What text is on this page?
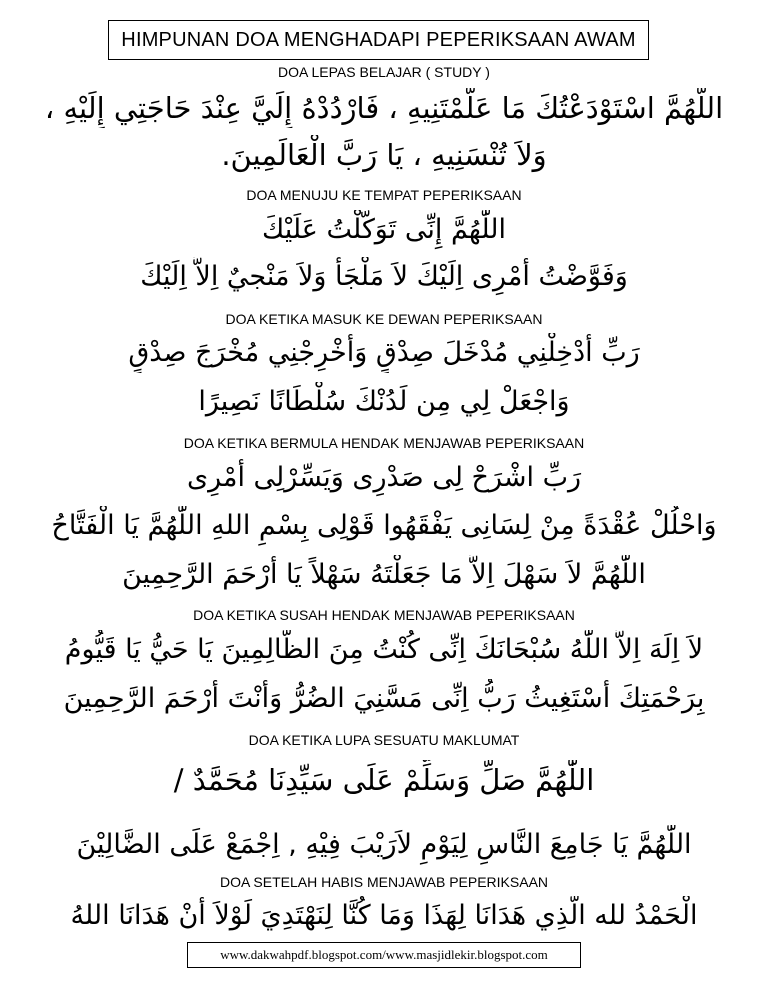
HIMPUNAN DOA MENGHADAPI PEPERIKSAAN AWAM
DOA LEPAS BELAJAR ( STUDY )
اللَّهُمَّ اسْتَوْدَعْتُكَ مَا عَلَّمْتَنِيهِ ، فَارْدُدْهُ إِلَيَّ عِنْدَ حَاجَتِي إِلَيْهِ ،
وَلاَ تُنْسَنِيهِ ، يَا رَبَّ الْعَالَمِينَ.
DOA MENUJU KE TEMPAT PEPERIKSAAN
اللّٰهُمَّ إِنِّى تَوَكَّلْتُ عَلَيْكَ
وَفَوَّضْتُ أَمْرِى اِلَيْكَ لاَ مَلْجَأَ وَلاَ مَنْجيٌ اِلاَّ اِلَيْكَ
DOA KETIKA MASUK KE DEWAN PEPERIKSAAN
رَبِّ أَدْخِلْنِي مُدْخَلَ صِدْقٍ وَأَخْرِجْنِي مُخْرَجَ صِدْقٍ
وَاجْعَلْ لِي مِن لَدُنْكَ سُلْطَانًا نَصِيرًا
DOA KETIKA BERMULA HENDAK MENJAWAB PEPERIKSAAN
رَبِّ اشْرَحْ لِى صَدْرِى وَيَسِّرْلِى أَمْرِى
وَاحْلُلْ عُقْدَةً مِنْ لِسَانِى يَفْقَهُوا قَوْلِى بِسْمِ اللهِ اللّٰهُمَّ يَا الْفَتَّاحُ
اللّٰهُمَّ لاَ سَهْلَ اِلاَّ مَا جَعَلْتَهُ سَهْلاً يَا أَرْحَمَ الرَّحِمِينَ
DOA KETIKA SUSAH HENDAK MENJAWAB PEPERIKSAAN
لاَ اِلَهَ اِلاَّ اللّٰهُ سُبْحَانَكَ اِنِّى كُنْتُ مِنَ الظَّالِمِينَ يَا حَيُّ يَا قَيُّومُ
بِرَحْمَتِكَ أَسْتَغِيثُ رَبُّ اِنِّى مَسَّنِيَ الضُرُّ وَأَنْتَ أَرْحَمَ الرَّحِمِينَ
DOA KETIKA LUPA SESUATU MAKLUMAT
اللّٰهُمَّ صَلِّ وَسَلِّمْ عَلَى سَيِّدِنَا مُحَمَّدٌ /
اللّٰهُمَّ يَا جَامِعَ النَّاسِ لِيَوْمِ لاَرَيْبَ فِيْهِ , اِجْمَعْ عَلَى الضَّالِيْنَ
DOA SETELAH HABIS MENJAWAB PEPERIKSAAN
الْحَمْدُ لله الَّذِي هَدَانَا لِهَذَا وَمَا كُنَّا لِنَهْتَدِيَ لَوْلاَ أَنْ هَدَانَا اللهُ
www.dakwahpdf.blogspot.com/www.masjidlekir.blogspot.com
